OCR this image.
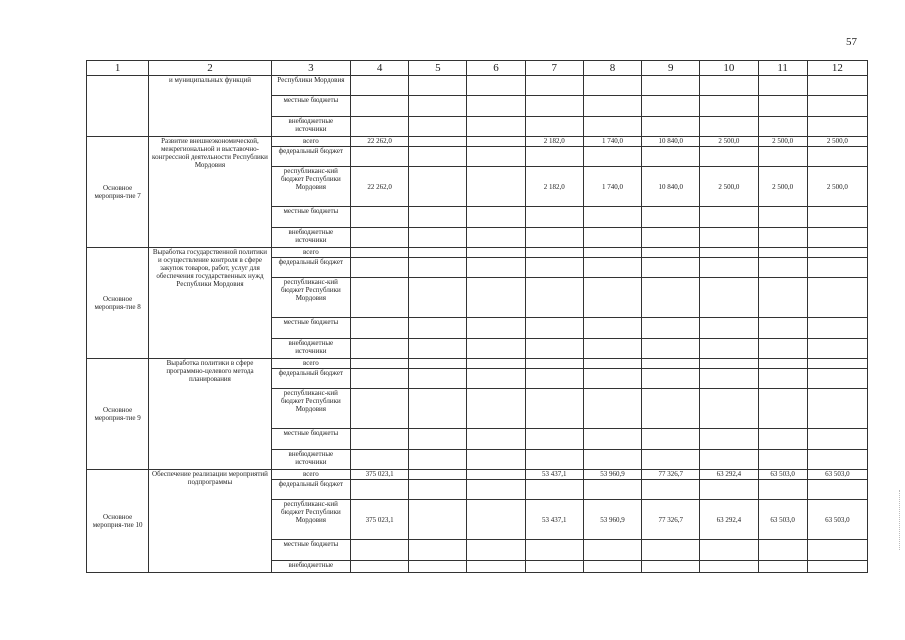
57
1	2	3	4	5	6	7	8	9	10	11	12
	и муниципальных функций	Республики Мордовия									
		местные бюджеты									
		внебюджетные источники									
Основное мероприя-тие 7	Развитие внешнеэкономической, межрегиональной и выставочно-конгрессной деятельности Республики Мордовия	всего	22 262,0			2 182,0	1 740,0	10 840,0	2 500,0	2 500,0	2 500,0
		федеральный бюджет									
		республиканс-кий бюджет Республики Мордовия	22 262,0			2 182,0	1 740,0	10 840,0	2 500,0	2 500,0	2 500,0
		местные бюджеты									
		внебюджетные источники									
Основное мероприя-тие 8	Выработка государственной политики и осуществление контроля в сфере закупок товаров, работ, услуг для обеспечения государственных нужд Республики Мордовия	всего									
		федеральный бюджет									
		республиканс-кий бюджет Республики Мордовия									
		местные бюджеты									
		внебюджетные источники									
Основное мероприя-тие 9	Выработка политики в сфере программно-целевого метода планирования	всего									
		федеральный бюджет									
		республиканс-кий бюджет Республики Мордовия									
		местные бюджеты									
		внебюджетные источники									
Основное мероприя-тие 10	Обеспечение реализации мероприятий подпрограммы	всего	375 023,1			53 437,1	53 960,9	77 326,7	63 292,4	63 503,0	63 503,0
		федеральный бюджет									
		республиканс-кий бюджет Республики Мордовия	375 023,1			53 437,1	53 960,9	77 326,7	63 292,4	63 503,0	63 503,0
		местные бюджеты									
		внебюджетные									
